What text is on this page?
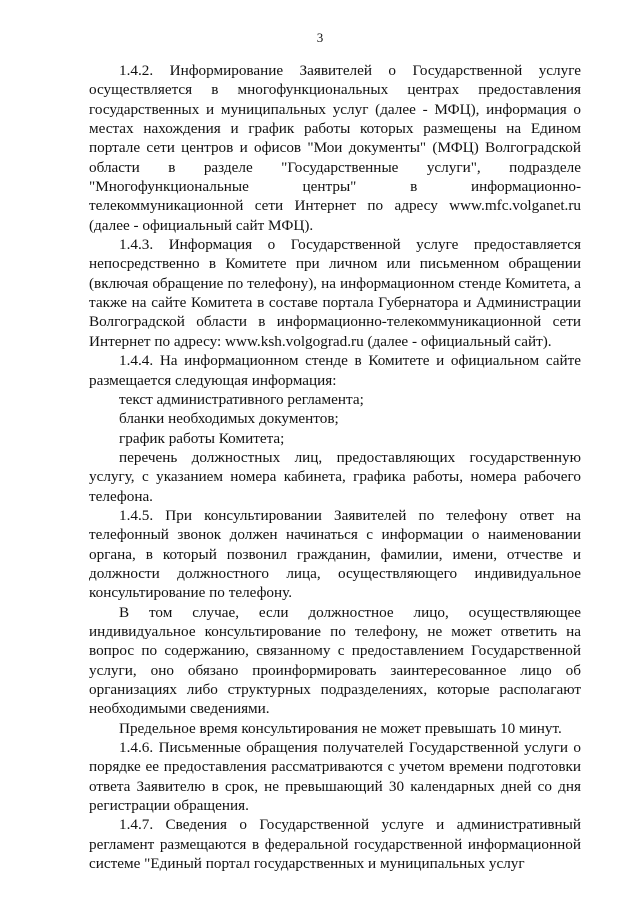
3

1.4.2. Информирование Заявителей о Государственной услуге осуществляется в многофункциональных центрах предоставления государственных и муниципальных услуг (далее - МФЦ), информация о местах нахождения и график работы которых размещены на Едином портале сети центров и офисов "Мои документы" (МФЦ) Волгоградской области в разделе "Государственные услуги", подразделе "Многофункциональные центры" в информационно-телекоммуникационной сети Интернет по адресу www.mfc.volganet.ru (далее - официальный сайт МФЦ).

1.4.3. Информация о Государственной услуге предоставляется непосредственно в Комитете при личном или письменном обращении (включая обращение по телефону), на информационном стенде Комитета, а также на сайте Комитета в составе портала Губернатора и Администрации Волгоградской области в информационно-телекоммуникационной сети Интернет по адресу: www.ksh.volgograd.ru (далее - официальный сайт).

1.4.4. На информационном стенде в Комитете и официальном сайте размещается следующая информация:

текст административного регламента;

бланки необходимых документов;

график работы Комитета;

перечень должностных лиц, предоставляющих государственную услугу, с указанием номера кабинета, графика работы, номера рабочего телефона.

1.4.5. При консультировании Заявителей по телефону ответ на телефонный звонок должен начинаться с информации о наименовании органа, в который позвонил гражданин, фамилии, имени, отчестве и должности должностного лица, осуществляющего индивидуальное консультирование по телефону.

В том случае, если должностное лицо, осуществляющее индивидуальное консультирование по телефону, не может ответить на вопрос по содержанию, связанному с предоставлением Государственной услуги, оно обязано проинформировать заинтересованное лицо об организациях либо структурных подразделениях, которые располагают необходимыми сведениями.

Предельное время консультирования не может превышать 10 минут.

1.4.6. Письменные обращения получателей Государственной услуги о порядке ее предоставления рассматриваются с учетом времени подготовки ответа Заявителю в срок, не превышающий 30 календарных дней со дня регистрации обращения.

1.4.7. Сведения о Государственной услуге и административный регламент размещаются в федеральной государственной информационной системе "Единый портал государственных и муниципальных услуг
